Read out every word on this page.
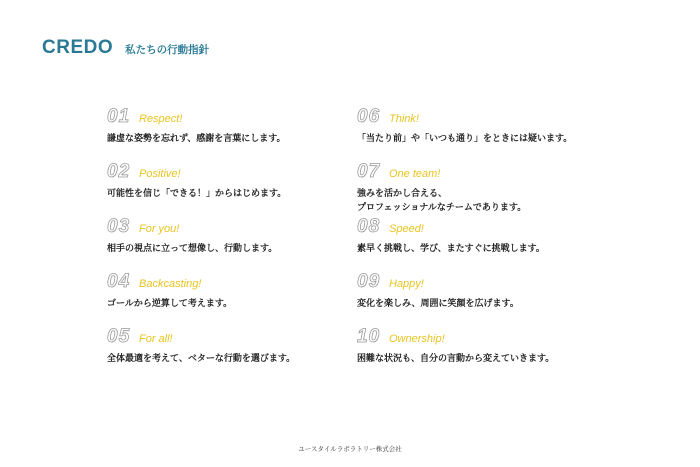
CREDO 私たちの行動指針
01 Respect!
謙虚な姿勢を忘れず、感謝を言葉にします。
02 Positive!
可能性を信じ「できる！」からはじめます。
03 For you!
相手の視点に立って想像し、行動します。
04 Backcasting!
ゴールから逆算して考えます。
05 For all!
全体最適を考えて、ベターな行動を選びます。
06 Think!
「当たり前」や「いつも通り」をときには疑います。
07 One team!
強みを活かし合える、
プロフェッショナルなチームであります。
08 Speed!
素早く挑戦し、学び、またすぐに挑戦します。
09 Happy!
変化を楽しみ、周囲に笑顔を広げます。
10 Ownership!
困難な状況も、自分の言動から変えていきます。
ユースタイルラボラトリー株式会社
